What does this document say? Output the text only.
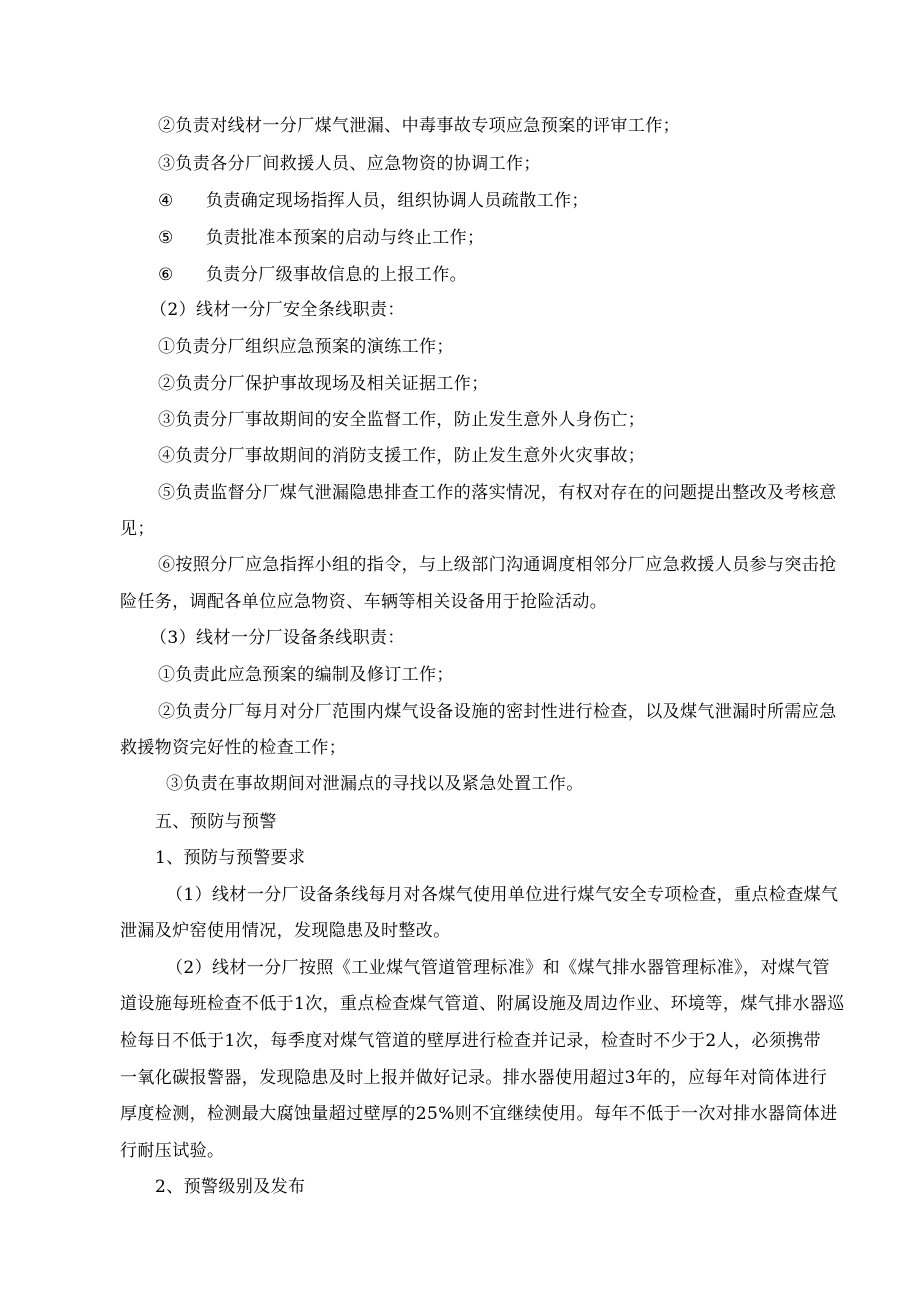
②负责对线材一分厂煤气泄漏、中毒事故专项应急预案的评审工作；
③负责各分厂间救援人员、应急物资的协调工作；
④ 负责确定现场指挥人员，组织协调人员疏散工作；
⑤ 负责批准本预案的启动与终止工作；
⑥ 负责分厂级事故信息的上报工作。
（2）线材一分厂安全条线职责：
①负责分厂组织应急预案的演练工作；
②负责分厂保护事故现场及相关证据工作；
③负责分厂事故期间的安全监督工作，防止发生意外人身伤亡；
④负责分厂事故期间的消防支援工作，防止发生意外火灾事故；
⑤负责监督分厂煤气泄漏隐患排查工作的落实情况，有权对存在的问题提出整改及考核意
见；
⑥按照分厂应急指挥小组的指令，与上级部门沟通调度相邻分厂应急救援人员参与突击抢
险任务，调配各单位应急物资、车辆等相关设备用于抢险活动。
（3）线材一分厂设备条线职责：
①负责此应急预案的编制及修订工作；
②负责分厂每月对分厂范围内煤气设备设施的密封性进行检查，以及煤气泄漏时所需应急
救援物资完好性的检查工作；
③负责在事故期间对泄漏点的寻找以及紧急处置工作。
五、预防与预警
1、预防与预警要求
（1）线材一分厂设备条线每月对各煤气使用单位进行煤气安全专项检查，重点检查煤气
泄漏及炉窑使用情况，发现隐患及时整改。
（2）线材一分厂按照《工业煤气管道管理标准》和《煤气排水器管理标准》，对煤气管
道设施每班检查不低于1次，重点检查煤气管道、附属设施及周边作业、环境等，煤气排水器巡
检每日不低于1次，每季度对煤气管道的壁厚进行检查并记录，检查时不少于2人，必须携带
一氧化碳报警器，发现隐患及时上报并做好记录。排水器使用超过3年的，应每年对筒体进行
厚度检测，检测最大腐蚀量超过壁厚的25%则不宜继续使用。每年不低于一次对排水器筒体进
行耐压试验。
2、预警级别及发布
